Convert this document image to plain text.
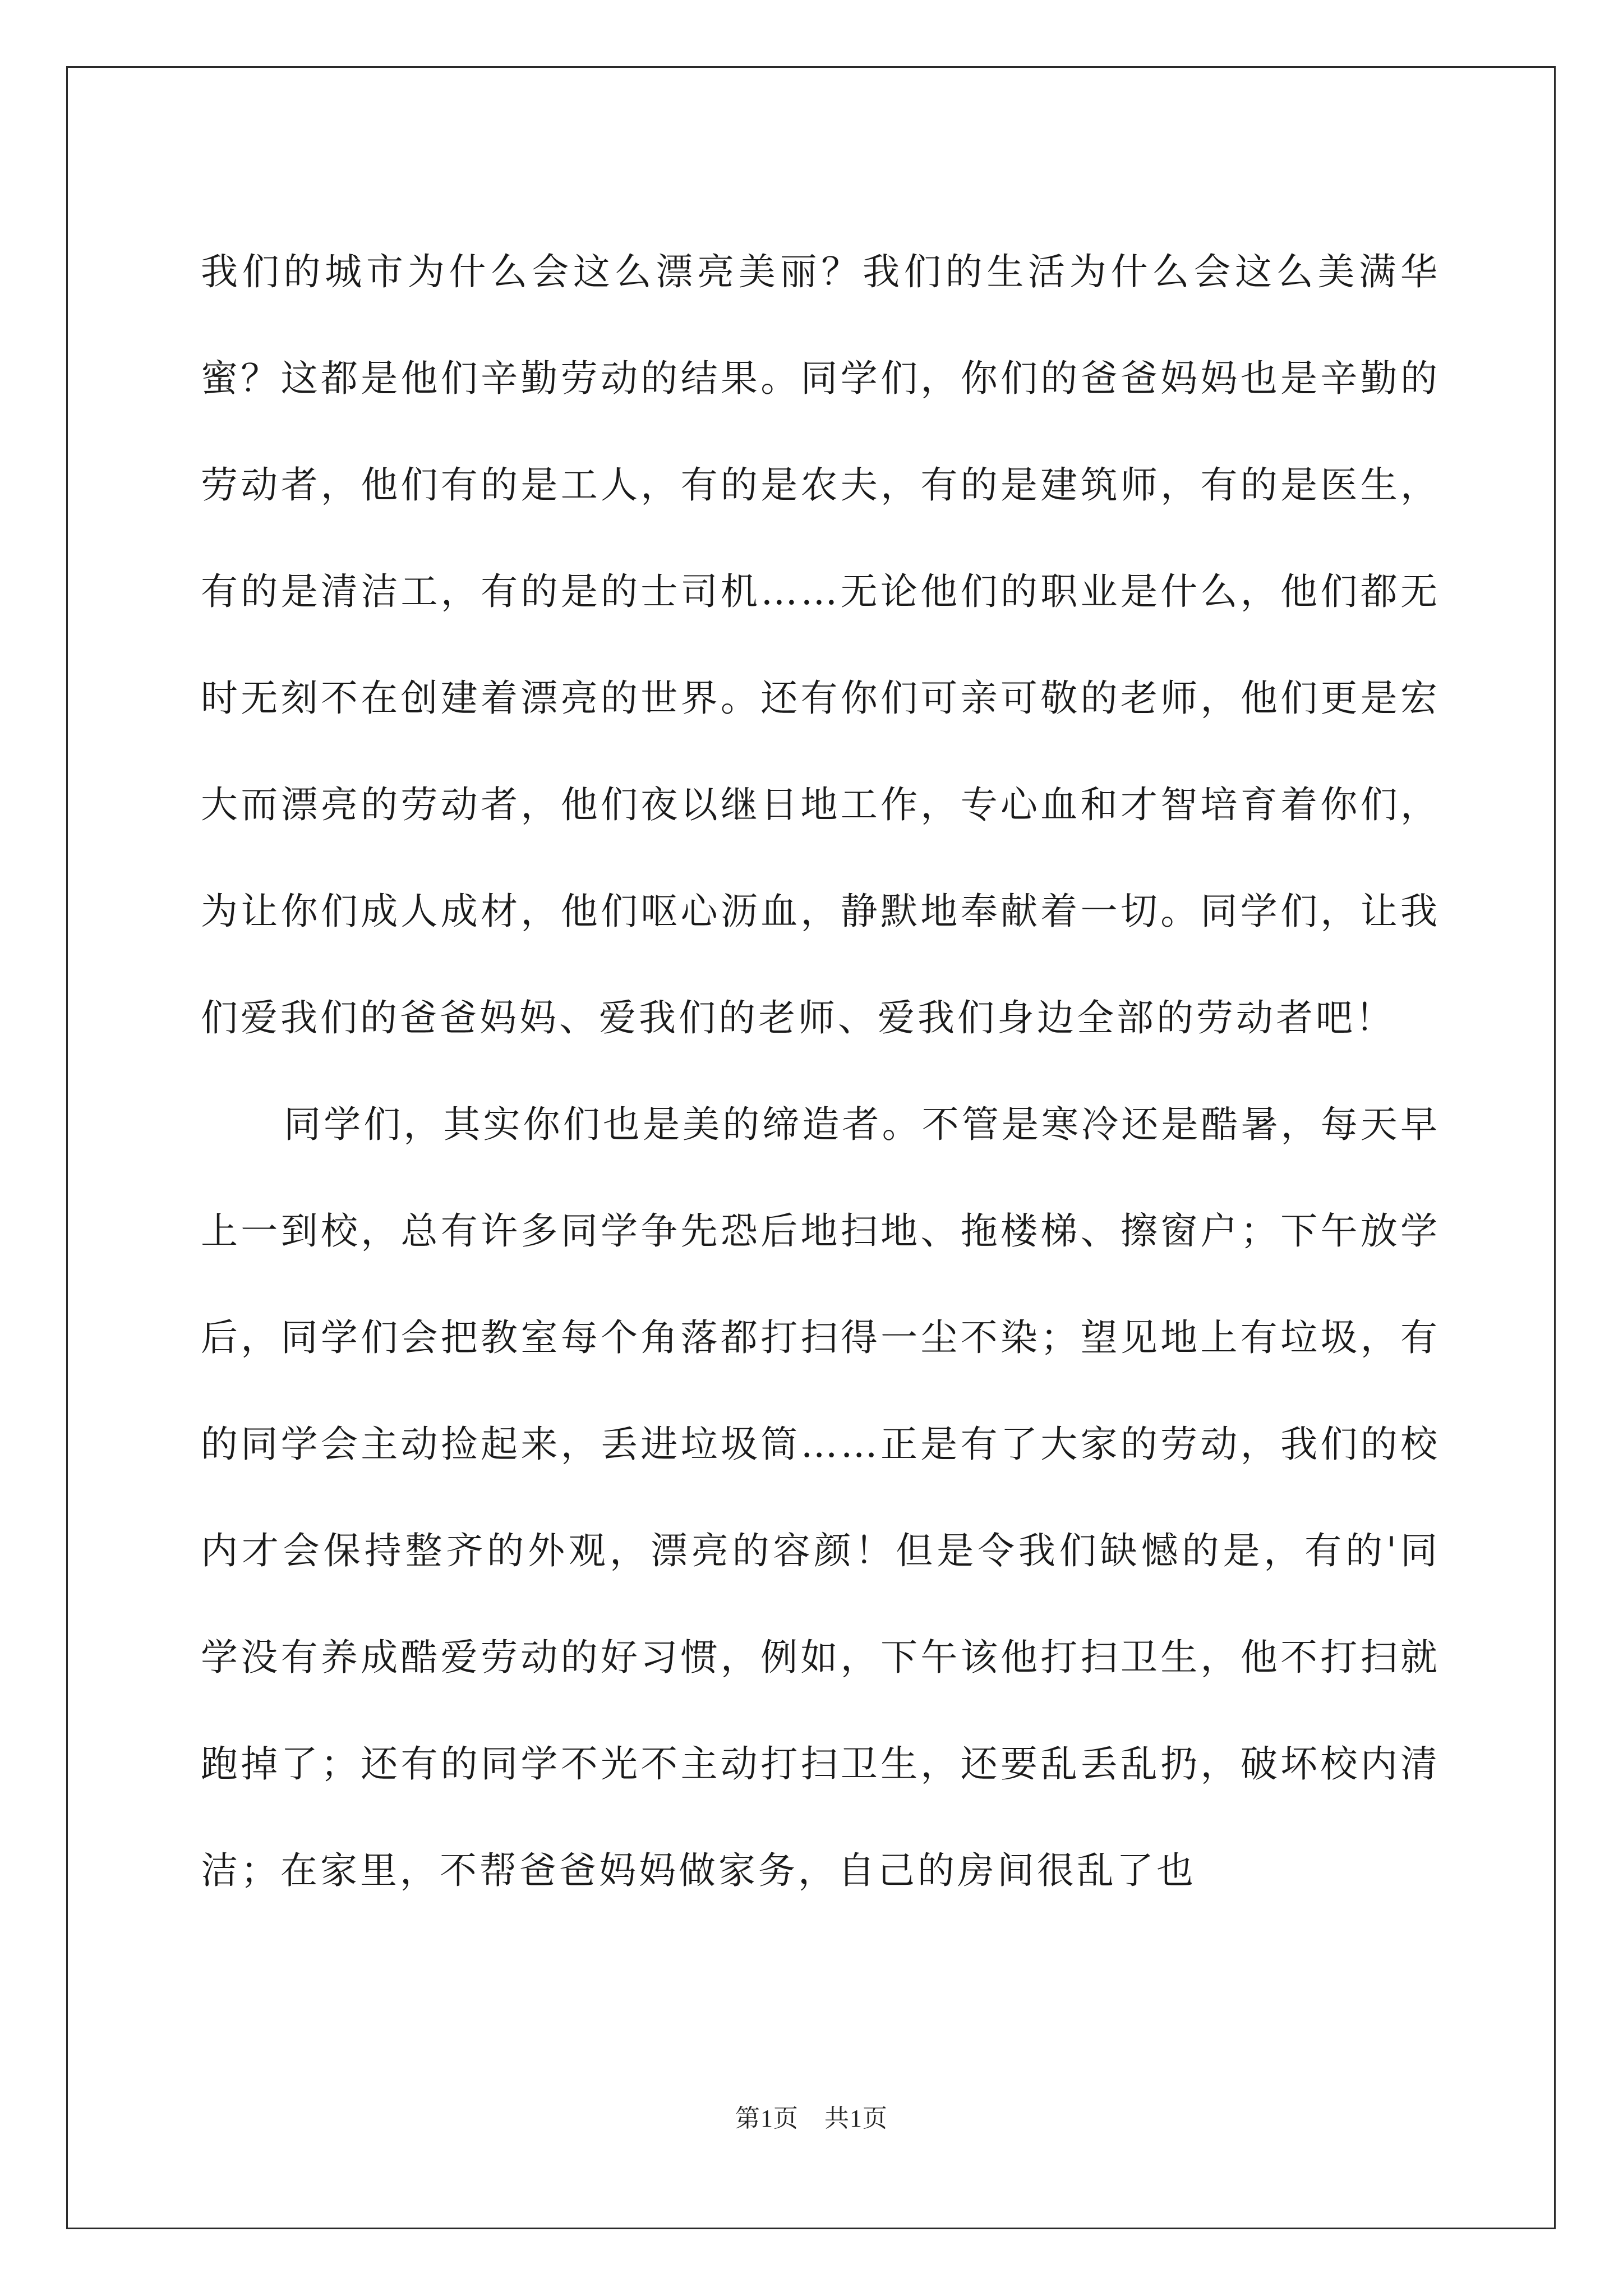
我们的城市为什么会这么漂亮美丽？我们的生活为什么会这么美满华蜜？这都是他们辛勤劳动的结果。同学们，你们的爸爸妈妈也是辛勤的劳动者，他们有的是工人，有的是农夫，有的是建筑师，有的是医生，有的是清洁工，有的是的士司机……无论他们的职业是什么，他们都无时无刻不在创建着漂亮的世界。还有你们可亲可敬的老师，他们更是宏大而漂亮的劳动者，他们夜以继日地工作，专心血和才智培育着你们，为让你们成人成材，他们呕心沥血，静默地奉献着一切。同学们，让我们爱我们的爸爸妈妈、爱我们的老师、爱我们身边全部的劳动者吧！

同学们，其实你们也是美的缔造者。不管是寒冷还是酷暑，每天早上一到校，总有许多同学争先恐后地扫地、拖楼梯、擦窗户；下午放学后，同学们会把教室每个角落都打扫得一尘不染；望见地上有垃圾，有的同学会主动捡起来，丢进垃圾筒……正是有了大家的劳动，我们的校内才会保持整齐的外观，漂亮的容颜！但是令我们缺憾的是，有的'同学没有养成酷爱劳动的好习惯，例如，下午该他打扫卫生，他不打扫就跑掉了；还有的同学不光不主动打扫卫生，还要乱丢乱扔，破坏校内清洁；在家里，不帮爸爸妈妈做家务，自己的房间很乱了也

第1页 共1页
